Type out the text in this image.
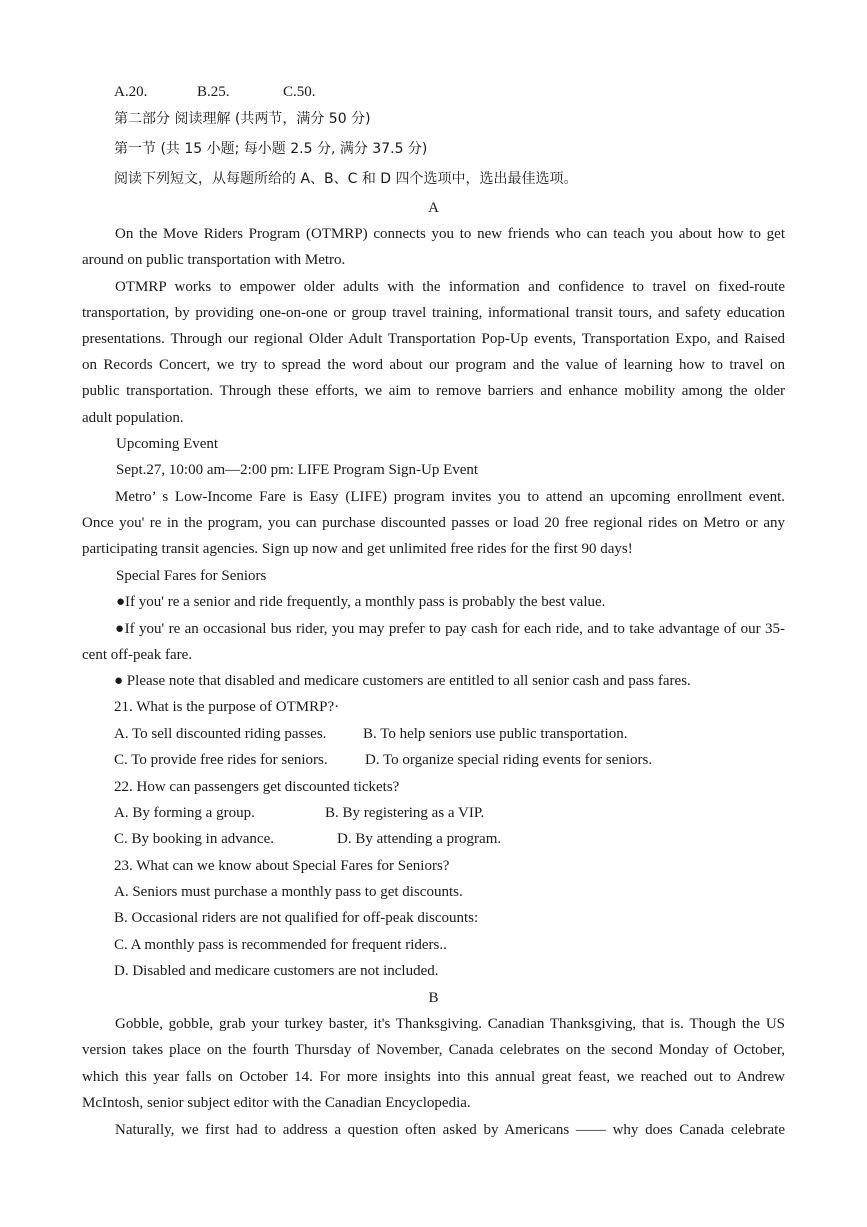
A.20.	B.25.	C.50.
第二部分 阅读理解 (共两节，满分 50 分)
第一节 (共 15 小题; 每小题 2.5 分, 满分 37.5 分)
阅读下列短文，从每题所给的 A、B、C 和 D 四个选项中，选出最佳选项。
A
On the Move Riders Program (OTMRP) connects you to new friends who can teach you about how to get
around on public transportation with Metro.
OTMRP works to empower older adults with the information and confidence to travel on fixed-route
transportation, by providing one-on-one or group travel training, informational transit tours, and safety education
presentations. Through our regional Older Adult Transportation Pop-Up events, Transportation Expo, and Raised
on Records Concert, we try to spread the word about our program and the value of learning how to travel on
public transportation. Through these efforts, we aim to remove barriers and enhance mobility among the older
adult population.
Upcoming Event
Sept.27, 10:00 am—2:00 pm: LIFE Program Sign-Up Event
Metro’ s Low-Income Fare is Easy (LIFE) program invites you to attend an upcoming enrollment event.
Once you' re in the program, you can purchase discounted passes or load 20 free regional rides on Metro or any
participating transit agencies. Sign up now and get unlimited free rides for the first 90 days!
Special Fares for Seniors
●If you' re a senior and ride frequently, a monthly pass is probably the best value.
●If you' re an occasional bus rider, you may prefer to pay cash for each ride, and to take advantage of our 35-
cent off-peak fare.
● Please note that disabled and medicare customers are entitled to all senior cash and pass fares.
21. What is the purpose of OTMRP?·
A. To sell discounted riding passes. B. To help seniors use public transportation.
C. To provide free rides for seniors. D. To organize special riding events for seniors.
22. How can passengers get discounted tickets?
A. By forming a group.	B. By registering as a VIP.
C. By booking in advance.	D. By attending a program.
23. What can we know about Special Fares for Seniors?
A. Seniors must purchase a monthly pass to get discounts.
B. Occasional riders are not qualified for off-peak discounts:
C. A monthly pass is recommended for frequent riders..
D. Disabled and medicare customers are not included.
B
Gobble, gobble, grab your turkey baster, it's Thanksgiving. Canadian Thanksgiving, that is. Though the US
version takes place on the fourth Thursday of November, Canada celebrates on the second Monday of October,
which this year falls on October 14. For more insights into this annual great feast, we reached out to Andrew
McIntosh, senior subject editor with the Canadian Encyclopedia.
Naturally, we first had to address a question often asked by Americans —— why does Canada celebrate
